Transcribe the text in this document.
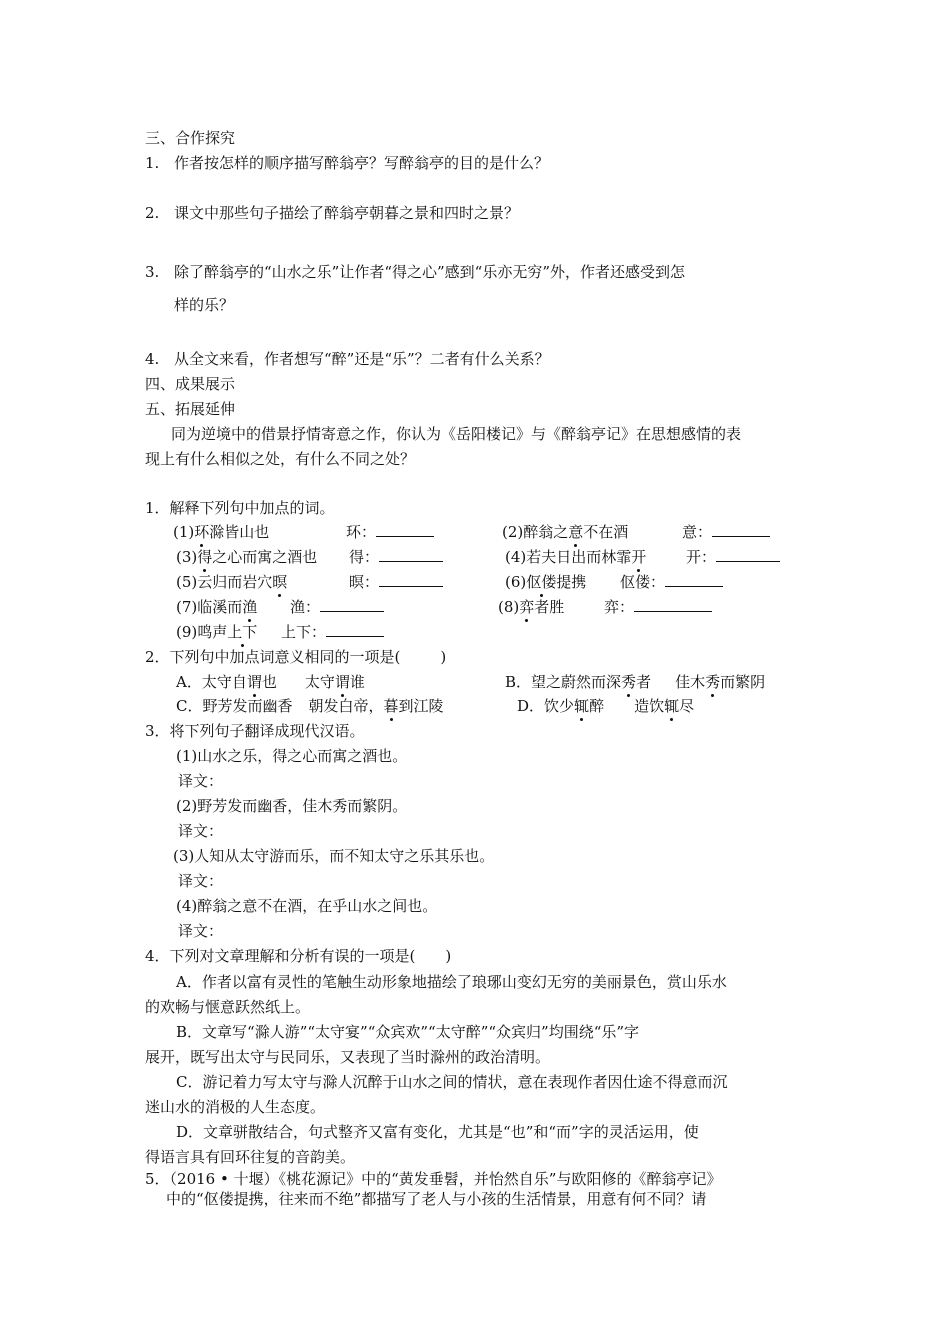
三、合作探究
1. 作者按怎样的顺序描写醉翁亭？写醉翁亭的目的是什么？
2. 课文中那些句子描绘了醉翁亭朝暮之景和四时之景？
3. 除了醉翁亭的“山水之乐”让作者“得之心”感到“乐亦无穷”外，作者还感受到怎
样的乐？
4. 从全文来看，作者想写“醉”还是“乐”？二者有什么关系？
四、成果展示
五、拓展延伸
同为逆境中的借景抒情寄意之作，你认为《岳阳楼记》与《醉翁亭记》在思想感情的表
现上有什么相似之处，有什么不同之处？
1．解释下列句中加点的词。
(1)环滁皆山也	环：	(2)醉翁之意不在酒	意：
(3)得之心而寓之酒也 得：	(4)若夫日出而林霏开	开：
(5)云归而岩穴暝	暝：	(6)伛偻提携 伛偻：
(7)临溪而渔 渔：	(8)弈者胜	弈：
(9)鸣声上下 上下：
2．下列句中加点词意义相同的一项是(	)
A．太守自谓也 太守谓谁	B．望之蔚然而深秀者 佳木秀而繁阴
C．野芳发而幽香 朝发白帝，暮到江陵	D．饮少辄醉 造饮辄尽
3．将下列句子翻译成现代汉语。
(1)山水之乐，得之心而寓之酒也。
译文：
(2)野芳发而幽香，佳木秀而繁阴。
译文：
(3)人知从太守游而乐，而不知太守之乐其乐也。
译文：
(4)醉翁之意不在酒，在乎山水之间也。
译文：
4．下列对文章理解和分析有误的一项是( )
A．作者以富有灵性的笔触生动形象地描绘了琅琊山变幻无穷的美丽景色，赏山乐水
的欢畅与惬意跃然纸上。
B．文章写“滁人游”“太守宴”“众宾欢”“太守醉”“众宾归”均围绕“乐”字
展开，既写出太守与民同乐，又表现了当时滁州的政治清明。
C．游记着力写太守与滁人沉醉于山水之间的情状，意在表现作者因仕途不得意而沉
迷山水的消极的人生态度。
D．文章骈散结合，句式整齐又富有变化，尤其是“也”和“而”字的灵活运用，使
得语言具有回环往复的音韵美。
5．（2016 • 十堰）《桃花源记》中的“黄发垂髫，并怡然自乐”与欧阳修的《醉翁亭记》
中的“伛偻提携，往来而不绝”都描写了老人与小孩的生活情景，用意有何不同？请
